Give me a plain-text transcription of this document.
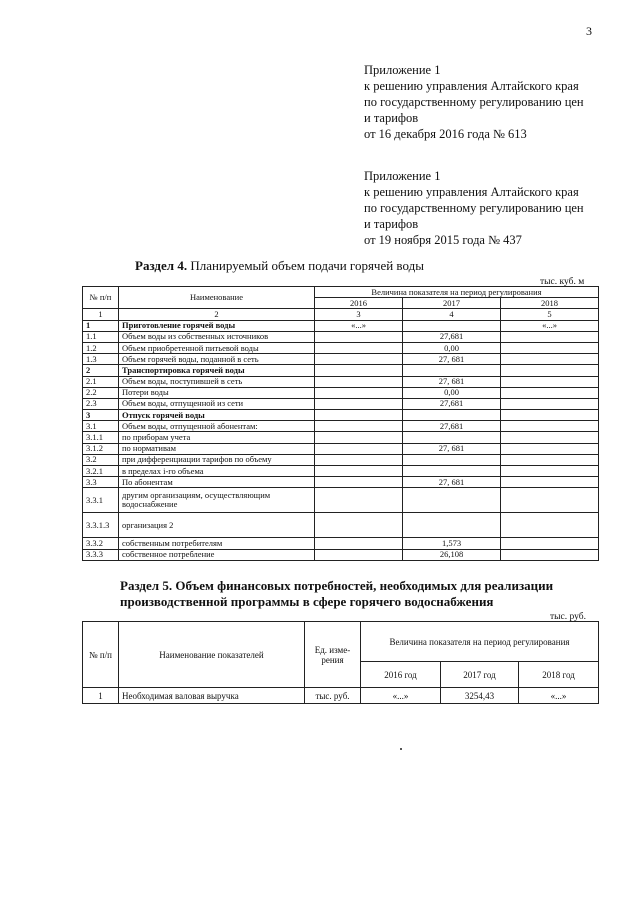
3
Приложение 1
к решению управления Алтайского края
по государственному регулированию цен
и тарифов
от 16 декабря 2016 года № 613
Приложение 1
к решению управления Алтайского края
по государственному регулированию цен
и тарифов
от 19 ноября 2015 года № 437
Раздел 4. Планируемый объем подачи горячей воды
тыс. куб. м
№ п/п	Наименование	Величина показателя на период регулирования		
		2016	2017	2018
1	2	3	4	5
1	Приготовление горячей воды	«...»		«...»
1.1	Объем воды из собственных источников		27,681	
1.2	Объем приобретенной питьевой воды		0,00	
1.3	Объем горячей воды, поданной в сеть		27, 681	
2	Транспортировка горячей воды			
2.1	Объем воды, поступившей в сеть		27, 681	
2.2	Потери воды		0,00	
2.3	Объем воды, отпущенной из сети		27,681	
3	Отпуск горячей воды			
3.1	Объем воды, отпущенной абонентам:		27,681	
3.1.1	по приборам учета			
3.1.2	по нормативам		27, 681	
3.2	при дифференциации тарифов по объему			
3.2.1	в пределах i-го объема			
3.3	По абонентам		27, 681	
3.3.1	другим организациям, осуществляющим водоснабжение			
3.3.1.3	организация 2			
3.3.2	собственным потребителям		1,573	
3.3.3	собственное потребление		26,108	
Раздел 5. Объем финансовых потребностей, необходимых для реализации производственной программы в сфере горячего водоснабжения
тыс. руб.
№ п/п	Наименование показателей	Ед. изме-рения	Величина показателя на период регулирования		
			2016 год	2017 год	2018 год
1	Необходимая валовая выручка	тыс. руб.	«...»	3254,43	«...»
